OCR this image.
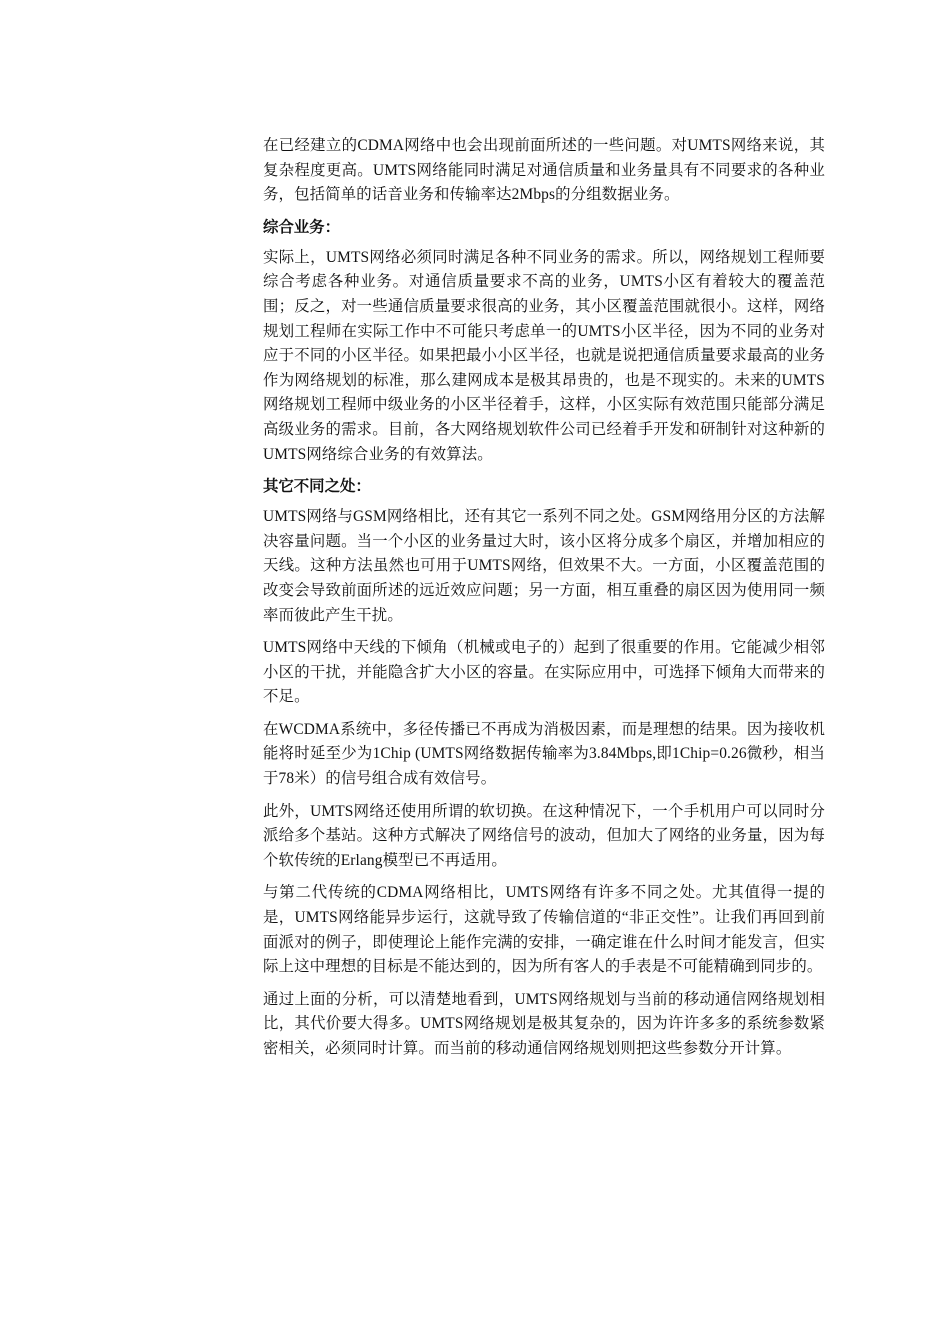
在已经建立的CDMA网络中也会出现前面所述的一些问题。对UMTS网络来说，其复杂程度更高。UMTS网络能同时满足对通信质量和业务量具有不同要求的各种业务，包括简单的话音业务和传输率达2Mbps的分组数据业务。

综合业务：

实际上，UMTS网络必须同时满足各种不同业务的需求。所以，网络规划工程师要综合考虑各种业务。对通信质量要求不高的业务，UMTS小区有着较大的覆盖范围；反之，对一些通信质量要求很高的业务，其小区覆盖范围就很小。这样，网络规划工程师在实际工作中不可能只考虑单一的UMTS小区半径，因为不同的业务对应于不同的小区半径。如果把最小小区半径，也就是说把通信质量要求最高的业务作为网络规划的标准，那么建网成本是极其昂贵的，也是不现实的。未来的UMTS网络规划工程师中级业务的小区半径着手，这样，小区实际有效范围只能部分满足高级业务的需求。目前，各大网络规划软件公司已经着手开发和研制针对这种新的UMTS网络综合业务的有效算法。

其它不同之处：

UMTS网络与GSM网络相比，还有其它一系列不同之处。GSM网络用分区的方法解决容量问题。当一个小区的业务量过大时，该小区将分成多个扇区，并增加相应的天线。这种方法虽然也可用于UMTS网络，但效果不大。一方面，小区覆盖范围的改变会导致前面所述的远近效应问题；另一方面，相互重叠的扇区因为使用同一频率而彼此产生干扰。

UMTS网络中天线的下倾角（机械或电子的）起到了很重要的作用。它能减少相邻小区的干扰，并能隐含扩大小区的容量。在实际应用中，可选择下倾角大而带来的不足。

在WCDMA系统中，多径传播已不再成为消极因素，而是理想的结果。因为接收机能将时延至少为1Chip (UMTS网络数据传输率为3.84Mbps,即1Chip=0.26微秒，相当于78米）的信号组合成有效信号。

此外，UMTS网络还使用所谓的软切换。在这种情况下，一个手机用户可以同时分派给多个基站。这种方式解决了网络信号的波动，但加大了网络的业务量，因为每个软传统的Erlang模型已不再适用。

与第二代传统的CDMA网络相比，UMTS网络有许多不同之处。尤其值得一提的是，UMTS网络能异步运行，这就导致了传输信道的“非正交性”。让我们再回到前面派对的例子，即使理论上能作完满的安排，一确定谁在什么时间才能发言，但实际上这中理想的目标是不能达到的，因为所有客人的手表是不可能精确到同步的。

通过上面的分析，可以清楚地看到，UMTS网络规划与当前的移动通信网络规划相比，其代价要大得多。UMTS网络规划是极其复杂的，因为许许多多的系统参数紧密相关，必须同时计算。而当前的移动通信网络规划则把这些参数分开计算。
